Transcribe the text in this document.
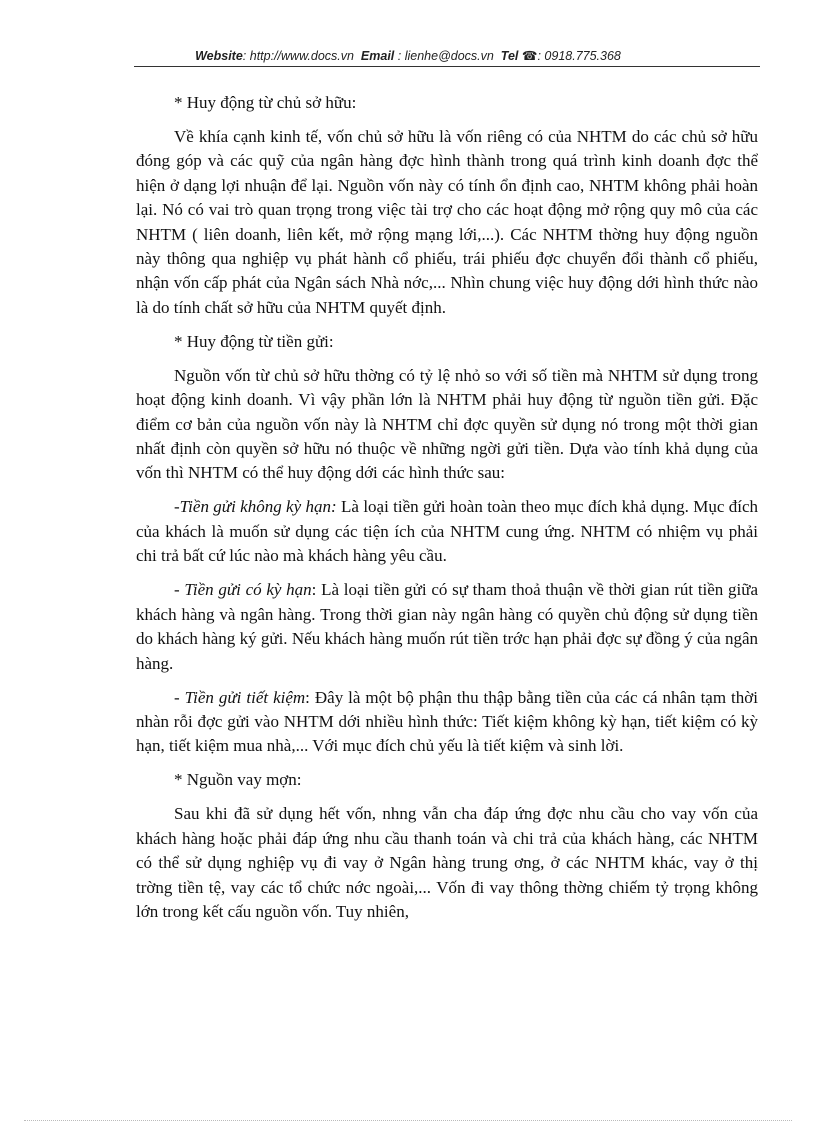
Website: http://www.docs.vn Email : lienhe@docs.vn Tel ☎: 0918.775.368

* Huy động từ chủ sở hữu:

Về khía cạnh kinh tế, vốn chủ sở hữu là vốn riêng có của NHTM do các chủ sở hữu đóng góp và các quỹ của ngân hàng đợc hình thành trong quá trình kinh doanh đợc thể hiện ở dạng lợi nhuận để lại. Nguồn vốn này có tính ổn định cao, NHTM không phải hoàn lại. Nó có vai trò quan trọng trong việc tài trợ cho các hoạt động mở rộng quy mô của các NHTM ( liên doanh, liên kết, mở rộng mạng lới,...). Các NHTM thờng huy động nguồn này thông qua nghiệp vụ phát hành cổ phiếu, trái phiếu đợc chuyển đổi thành cổ phiếu, nhận vốn cấp phát của Ngân sách Nhà nớc,... Nhìn chung việc huy động dới hình thức nào là do tính chất sở hữu của NHTM quyết định.

* Huy động từ tiền gửi:

Nguồn vốn từ chủ sở hữu thờng có tỷ lệ nhỏ so với số tiền mà NHTM sử dụng trong hoạt động kinh doanh. Vì vậy phần lớn là NHTM phải huy động từ nguồn tiền gửi. Đặc điểm cơ bản của nguồn vốn này là NHTM chỉ đợc quyền sử dụng nó trong một thời gian nhất định còn quyền sở hữu nó thuộc về những ngời gửi tiền. Dựa vào tính khả dụng của vốn thì NHTM có thể huy động dới các hình thức sau:

-Tiền gửi không kỳ hạn: Là loại tiền gửi hoàn toàn theo mục đích khả dụng. Mục đích của khách là muốn sử dụng các tiện ích của NHTM cung ứng. NHTM có nhiệm vụ phải chi trả bất cứ lúc nào mà khách hàng yêu cầu.

- Tiền gửi có kỳ hạn: Là loại tiền gửi có sự tham thoả thuận về thời gian rút tiền giữa khách hàng và ngân hàng. Trong thời gian này ngân hàng có quyền chủ động sử dụng tiền do khách hàng ký gửi. Nếu khách hàng muốn rút tiền trớc hạn phải đợc sự đồng ý của ngân hàng.

- Tiền gửi tiết kiệm: Đây là một bộ phận thu thập bằng tiền của các cá nhân tạm thời nhàn rỗi đợc gửi vào NHTM dới nhiều hình thức: Tiết kiệm không kỳ hạn, tiết kiệm có kỳ hạn, tiết kiệm mua nhà,... Với mục đích chủ yếu là tiết kiệm và sinh lời.

* Nguồn vay mợn:

Sau khi đã sử dụng hết vốn, nhng vẫn cha đáp ứng đợc nhu cầu cho vay vốn của khách hàng hoặc phải đáp ứng nhu cầu thanh toán và chi trả của khách hàng, các NHTM có thể sử dụng nghiệp vụ đi vay ở Ngân hàng trung ơng, ở các NHTM khác, vay ở thị trờng tiền tệ, vay các tổ chức nớc ngoài,... Vốn đi vay thông thờng chiếm tỷ trọng không lớn trong kết cấu nguồn vốn. Tuy nhiên,
